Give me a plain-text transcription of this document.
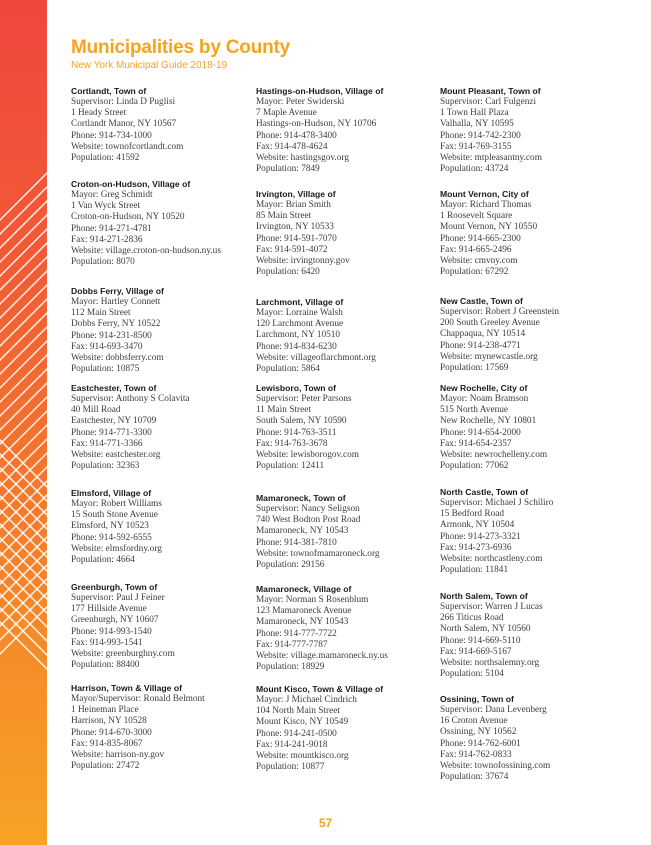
Municipalities by County
New York Municipal Guide 2018-19
Cortlandt, Town of
Supervisor: Linda D Puglisi
1 Heady Street
Cortlandt Manor, NY 10567
Phone: 914-734-1000
Website: townofcortlandt.com
Population: 41592
Croton-on-Hudson, Village of
Mayor: Greg Schmidt
1 Van Wyck Street
Croton-on-Hudson, NY 10520
Phone: 914-271-4781
Fax: 914-271-2836
Website: village.croton-on-hudson.ny.us
Population: 8070
Dobbs Ferry, Village of
Mayor: Hartley Connett
112 Main Street
Dobbs Ferry, NY 10522
Phone: 914-231-8500
Fax: 914-693-3470
Website: dobbsferry.com
Population: 10875
Eastchester, Town of
Supervisor: Anthony S Colavita
40 Mill Road
Eastchester, NY 10709
Phone: 914-771-3300
Fax: 914-771-3366
Website: eastchester.org
Population: 32363
Elmsford, Village of
Mayor: Robert Williams
15 South Stone Avenue
Elmsford, NY 10523
Phone: 914-592-6555
Website: elmsfordny.org
Population: 4664
Greenburgh, Town of
Supervisor: Paul J Feiner
177 Hillside Avenue
Greenburgh, NY 10607
Phone: 914-993-1540
Fax: 914-993-1541
Website: greenburghny.com
Population: 88400
Harrison, Town & Village of
Mayor/Supervisor: Ronald Belmont
1 Heineman Place
Harrison, NY 10528
Phone: 914-670-3000
Fax: 914-835-8067
Website: harrison-ny.gov
Population: 27472
Hastings-on-Hudson, Village of
Mayor: Peter Swiderski
7 Maple Avenue
Hastings-on-Hudson, NY 10706
Phone: 914-478-3400
Fax: 914-478-4624
Website: hastingsgov.org
Population: 7849
Irvington, Village of
Mayor: Brian Smith
85 Main Street
Irvington, NY 10533
Phone: 914-591-7070
Fax: 914-591-4072
Website: irvingtonny.gov
Population: 6420
Larchmont, Village of
Mayor: Lorraine Walsh
120 Larchmont Avenue
Larchmont, NY 10510
Phone: 914-834-6230
Website: villageoflarchmont.org
Population: 5864
Lewisboro, Town of
Supervisor: Peter Parsons
11 Main Street
South Salem, NY 10590
Phone: 914-763-3511
Fax: 914-763-3678
Website: lewisborogov.com
Population: 12411
Mamaroneck, Town of
Supervisor: Nancy Seligson
740 West Bodton Post Road
Mamaroneck, NY 10543
Phone: 914-381-7810
Website: townofmamaroneck.org
Population: 29156
Mamaroneck, Village of
Mayor: Norman S Rosenblum
123 Mamaroneck Avenue
Mamaroneck, NY 10543
Phone: 914-777-7722
Fax: 914-777-7787
Website: village.mamaroneck.ny.us
Population: 18929
Mount Kisco, Town & Village of
Mayor: J Michael Cindrich
104 North Main Street
Mount Kisco, NY 10549
Phone: 914-241-0500
Fax: 914-241-9018
Website: mountkisco.org
Population: 10877
Mount Pleasant, Town of
Supervisor: Carl Fulgenzi
1 Town Hall Plaza
Valhalla, NY 10595
Phone: 914-742-2300
Fax: 914-769-3155
Website: mtpleasantny.com
Population: 43724
Mount Vernon, City of
Mayor: Richard Thomas
1 Roosevelt Square
Mount Vernon, NY 10550
Phone: 914-665-2300
Fax: 914-665-2496
Website: cmvny.com
Population: 67292
New Castle, Town of
Supervisor: Robert J Greenstein
200 South Greeley Avenue
Chappaqua, NY 10514
Phone: 914-238-4771
Website: mynewcastle.org
Population: 17569
New Rochelle, City of
Mayor: Noam Bramson
515 North Avenue
New Rochelle, NY 10801
Phone: 914-654-2000
Fax: 914-654-2357
Website: newrochelleny.com
Population: 77062
North Castle, Town of
Supervisor: Michael J Schiliro
15 Bedford Road
Armonk, NY 10504
Phone: 914-273-3321
Fax: 914-273-6936
Website: northcastleny.com
Population: 11841
North Salem, Town of
Supervisor: Warren J Lucas
266 Titicus Road
North Salem, NY 10560
Phone: 914-669-5110
Fax: 914-669-5167
Website: northsalemny.org
Population: 5104
Ossining, Town of
Supervisor: Dana Levenberg
16 Croton Avenue
Ossining, NY 10562
Phone: 914-762-6001
Fax: 914-762-0833
Website: townofossining.com
Population: 37674
57
